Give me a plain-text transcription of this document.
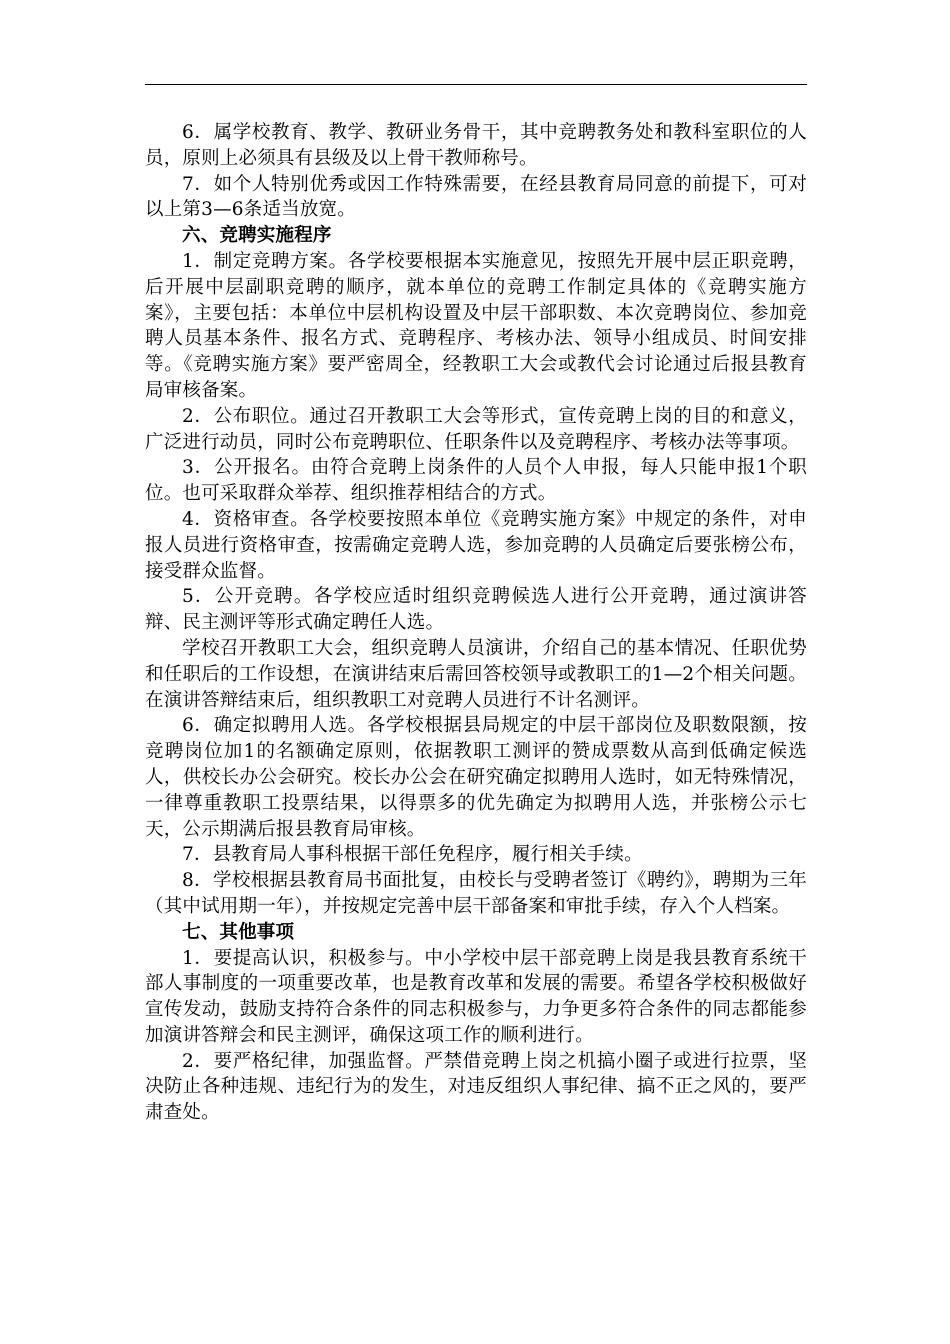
6．属学校教育、教学、教研业务骨干，其中竞聘教务处和教科室职位的人员，原则上必须具有县级及以上骨干教师称号。

7．如个人特别优秀或因工作特殊需要，在经县教育局同意的前提下，可对以上第3—6条适当放宽。

六、竞聘实施程序

1．制定竞聘方案。各学校要根据本实施意见，按照先开展中层正职竞聘，后开展中层副职竞聘的顺序，就本单位的竞聘工作制定具体的《竞聘实施方案》，主要包括：本单位中层机构设置及中层干部职数、本次竞聘岗位、参加竞聘人员基本条件、报名方式、竞聘程序、考核办法、领导小组成员、时间安排等。《竞聘实施方案》要严密周全，经教职工大会或教代会讨论通过后报县教育局审核备案。

2．公布职位。通过召开教职工大会等形式，宣传竞聘上岗的目的和意义，广泛进行动员，同时公布竞聘职位、任职条件以及竞聘程序、考核办法等事项。

3．公开报名。由符合竞聘上岗条件的人员个人申报，每人只能申报1个职位。也可采取群众举荐、组织推荐相结合的方式。

4．资格审查。各学校要按照本单位《竞聘实施方案》中规定的条件，对申报人员进行资格审查，按需确定竞聘人选，参加竞聘的人员确定后要张榜公布，接受群众监督。

5．公开竞聘。各学校应适时组织竞聘候选人进行公开竞聘，通过演讲答辩、民主测评等形式确定聘任人选。

学校召开教职工大会，组织竞聘人员演讲，介绍自己的基本情况、任职优势和任职后的工作设想，在演讲结束后需回答校领导或教职工的1—2个相关问题。在演讲答辩结束后，组织教职工对竞聘人员进行不计名测评。

6．确定拟聘用人选。各学校根据县局规定的中层干部岗位及职数限额，按竞聘岗位加1的名额确定原则，依据教职工测评的赞成票数从高到低确定候选人，供校长办公会研究。校长办公会在研究确定拟聘用人选时，如无特殊情况，一律尊重教职工投票结果，以得票多的优先确定为拟聘用人选，并张榜公示七天，公示期满后报县教育局审核。

7．县教育局人事科根据干部任免程序，履行相关手续。

8．学校根据县教育局书面批复，由校长与受聘者签订《聘约》，聘期为三年（其中试用期一年），并按规定完善中层干部备案和审批手续，存入个人档案。

七、其他事项

1．要提高认识，积极参与。中小学校中层干部竞聘上岗是我县教育系统干部人事制度的一项重要改革，也是教育改革和发展的需要。希望各学校积极做好宣传发动，鼓励支持符合条件的同志积极参与，力争更多符合条件的同志都能参加演讲答辩会和民主测评，确保这项工作的顺利进行。

2．要严格纪律，加强监督。严禁借竞聘上岗之机搞小圈子或进行拉票，坚决防止各种违规、违纪行为的发生，对违反组织人事纪律、搞不正之风的，要严肃查处。
